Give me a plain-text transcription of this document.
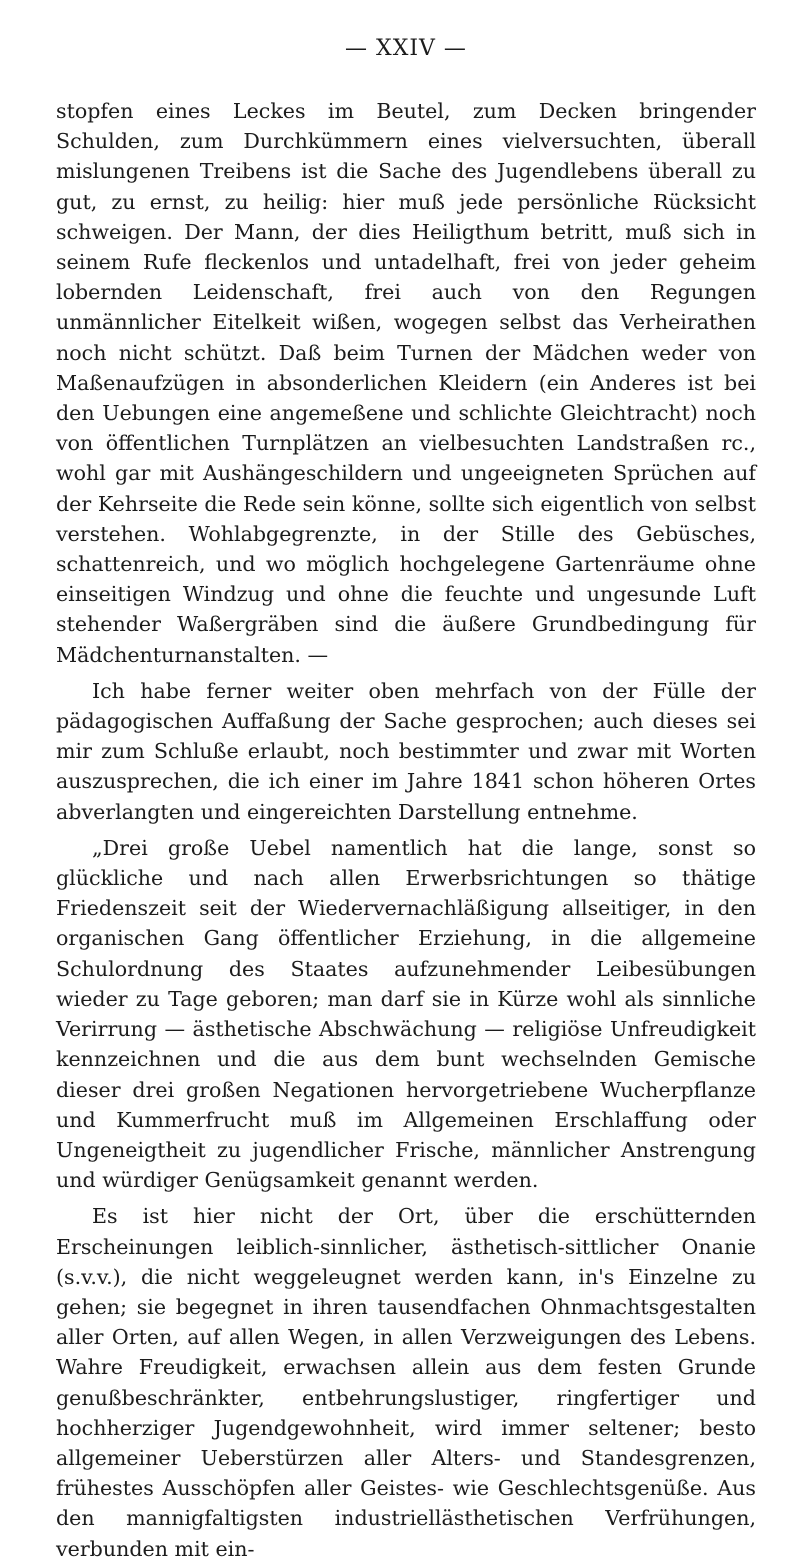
— XXIV —

stopfen eines Leckes im Beutel, zum Decken bringender Schulden, zum Durchkümmern eines vielversuchten, überall mislungenen Treibens ist die Sache des Jugendlebens überall zu gut, zu ernst, zu heilig: hier muß jede persönliche Rücksicht schweigen. Der Mann, der dies Heiligthum betritt, muß sich in seinem Rufe fleckenlos und untadelhaft, frei von jeder geheim lobernden Leidenschaft, frei auch von den Regungen unmännlicher Eitelkeit wißen, wogegen selbst das Verheirathen noch nicht schützt. Daß beim Turnen der Mädchen weder von Maßenaufzügen in absonderlichen Kleidern (ein Anderes ist bei den Uebungen eine angemeßene und schlichte Gleichtracht) noch von öffentlichen Turnplätzen an vielbesuchten Landstraßen rc., wohl gar mit Aushängeschildern und ungeeigneten Sprüchen auf der Kehrseite die Rede sein könne, sollte sich eigentlich von selbst verstehen. Wohlabgegrenzte, in der Stille des Gebüsches, schattenreich, und wo möglich hochgelegene Gartenräume ohne einseitigen Windzug und ohne die feuchte und ungesunde Luft stehender Waßergräben sind die äußere Grundbedingung für Mädchenturnanstalten. —

Ich habe ferner weiter oben mehrfach von der Fülle der pädagogischen Auffaßung der Sache gesprochen; auch dieses sei mir zum Schluße erlaubt, noch bestimmter und zwar mit Worten auszusprechen, die ich einer im Jahre 1841 schon höheren Ortes abverlangten und eingereichten Darstellung entnehme.

„Drei große Uebel namentlich hat die lange, sonst so glückliche und nach allen Erwerbsrichtungen so thätige Friedenszeit seit der Wiedervernachläßigung allseitiger, in den organischen Gang öffentlicher Erziehung, in die allgemeine Schulordnung des Staates aufzunehmender Leibesübungen wieder zu Tage geboren; man darf sie in Kürze wohl als sinnliche Verirrung — ästhetische Abschwächung — religiöse Unfreudigkeit kennzeichnen und die aus dem bunt wechselnden Gemische dieser drei großen Negationen hervorgetriebene Wucherpflanze und Kummerfrucht muß im Allgemeinen Erschlaffung oder Ungeneigtheit zu jugendlicher Frische, männlicher Anstrengung und würdiger Genügsamkeit genannt werden.

Es ist hier nicht der Ort, über die erschütternden Erscheinungen leiblich-sinnlicher, ästhetisch-sittlicher Onanie (s.v.v.), die nicht weggeleugnet werden kann, in's Einzelne zu gehen; sie begegnet in ihren tausendfachen Ohnmachtsgestalten aller Orten, auf allen Wegen, in allen Verzweigungen des Lebens. Wahre Freudigkeit, erwachsen allein aus dem festen Grunde genußbeschränkter, entbehrungslustiger, ringfertiger und hochherziger Jugendgewohnheit, wird immer seltener; besto allgemeiner Ueberstürzen aller Alters- und Standesgrenzen, frühestes Ausschöpfen aller Geistes- wie Geschlechtsgenüße. Aus den mannigfaltigsten industriellästhetischen Verfrühungen, verbunden mit ein-
